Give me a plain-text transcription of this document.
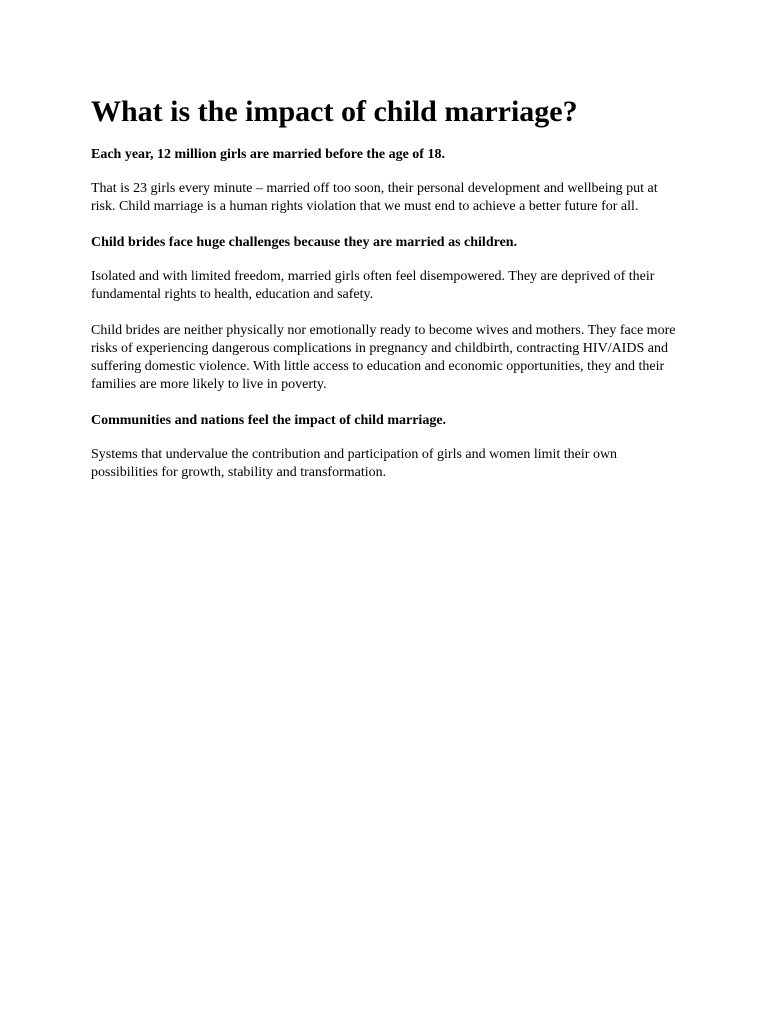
What is the impact of child marriage?

Each year, 12 million girls are married before the age of 18.

That is 23 girls every minute – married off too soon, their personal development and wellbeing put at risk. Child marriage is a human rights violation that we must end to achieve a better future for all.

Child brides face huge challenges because they are married as children.

Isolated and with limited freedom, married girls often feel disempowered. They are deprived of their fundamental rights to health, education and safety.

Child brides are neither physically nor emotionally ready to become wives and mothers. They face more risks of experiencing dangerous complications in pregnancy and childbirth, contracting HIV/AIDS and suffering domestic violence. With little access to education and economic opportunities, they and their families are more likely to live in poverty.

Communities and nations feel the impact of child marriage.

Systems that undervalue the contribution and participation of girls and women limit their own possibilities for growth, stability and transformation.
